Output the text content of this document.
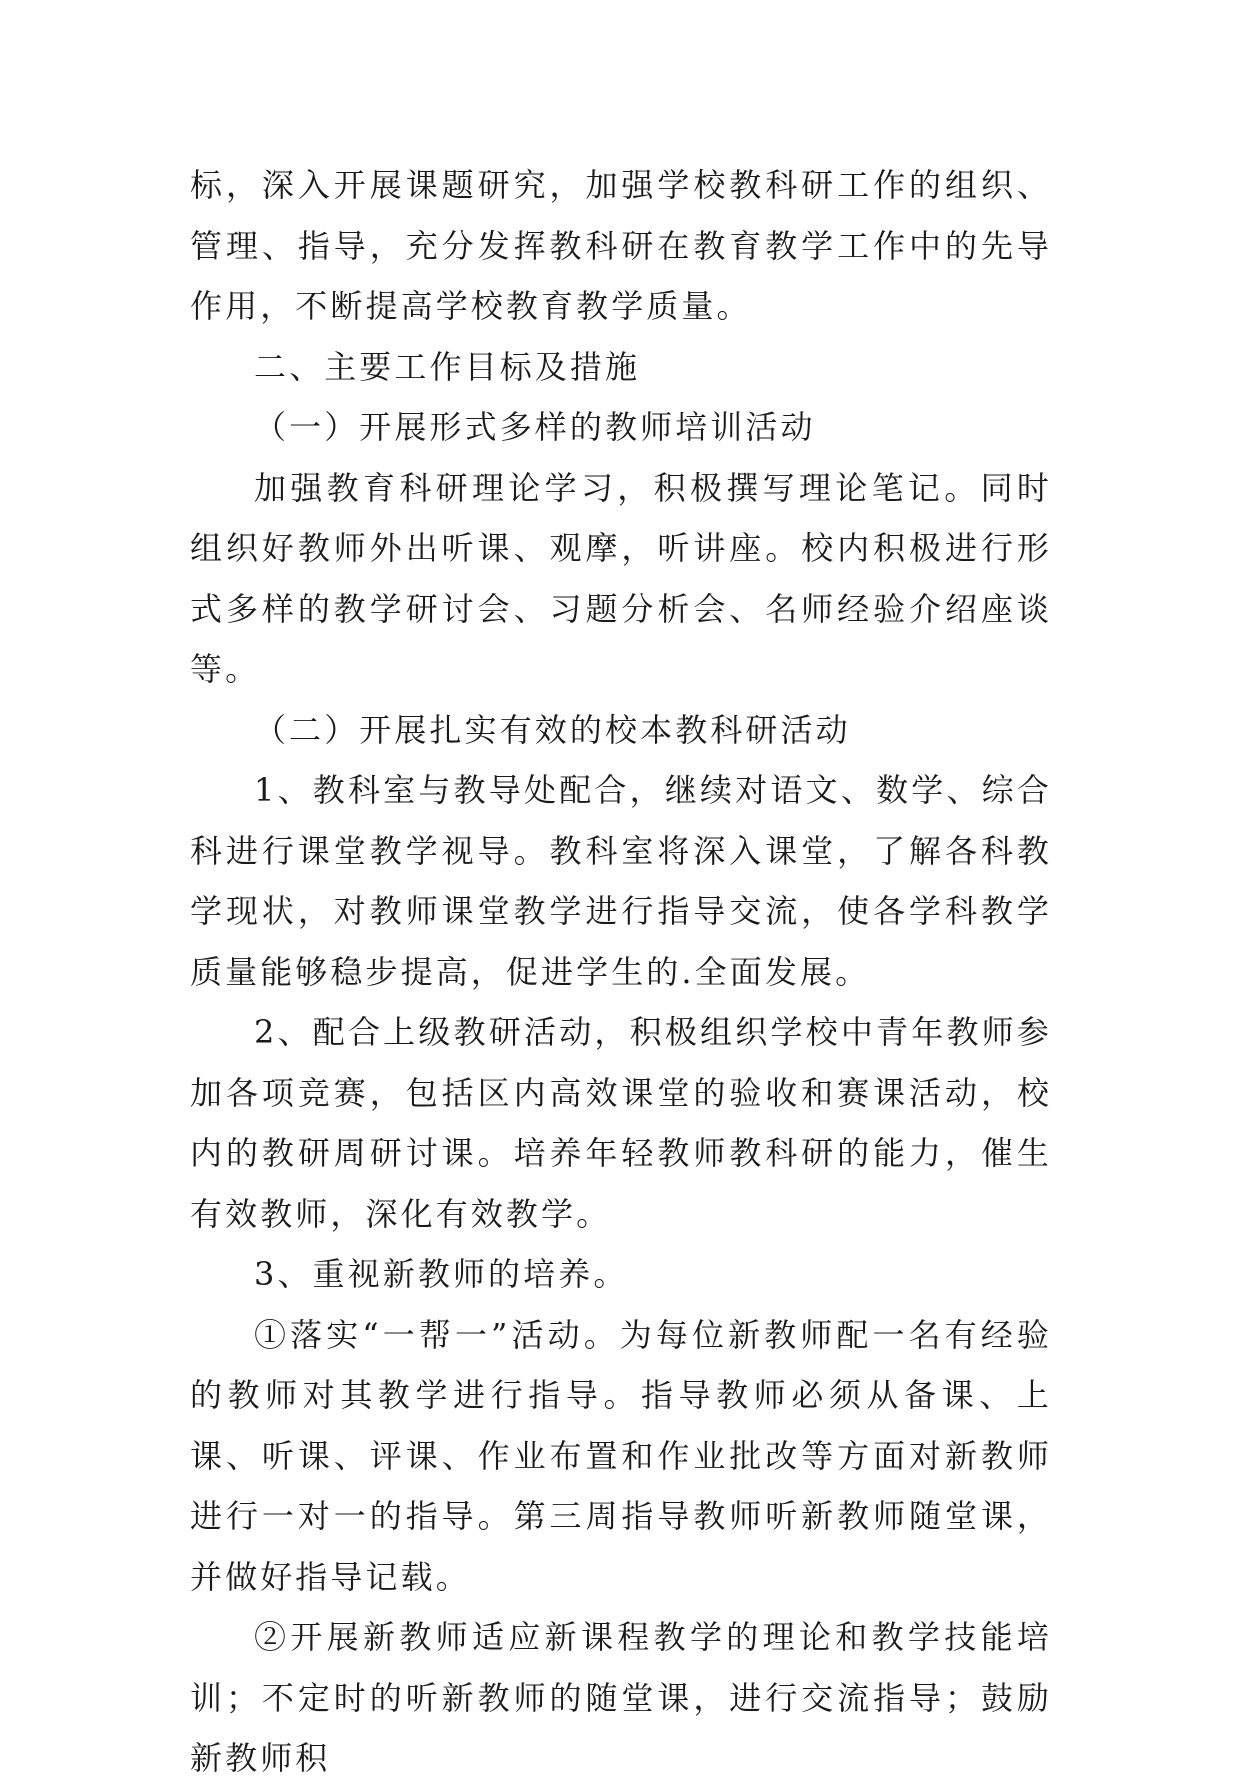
标，深入开展课题研究，加强学校教科研工作的组织、管理、指导，充分发挥教科研在教育教学工作中的先导作用，不断提高学校教育教学质量。

二、主要工作目标及措施

（一）开展形式多样的教师培训活动

加强教育科研理论学习，积极撰写理论笔记。同时组织好教师外出听课、观摩，听讲座。校内积极进行形式多样的教学研讨会、习题分析会、名师经验介绍座谈等。

（二）开展扎实有效的校本教科研活动

1、教科室与教导处配合，继续对语文、数学、综合科进行课堂教学视导。教科室将深入课堂，了解各科教学现状，对教师课堂教学进行指导交流，使各学科教学质量能够稳步提高，促进学生的.全面发展。

2、配合上级教研活动，积极组织学校中青年教师参加各项竞赛，包括区内高效课堂的验收和赛课活动，校内的教研周研讨课。培养年轻教师教科研的能力，催生有效教师，深化有效教学。

3、重视新教师的培养。

①落实“一帮一”活动。为每位新教师配一名有经验的教师对其教学进行指导。指导教师必须从备课、上课、听课、评课、作业布置和作业批改等方面对新教师进行一对一的指导。第三周指导教师听新教师随堂课，并做好指导记载。

②开展新教师适应新课程教学的理论和教学技能培训；不定时的听新教师的随堂课，进行交流指导；鼓励新教师积
